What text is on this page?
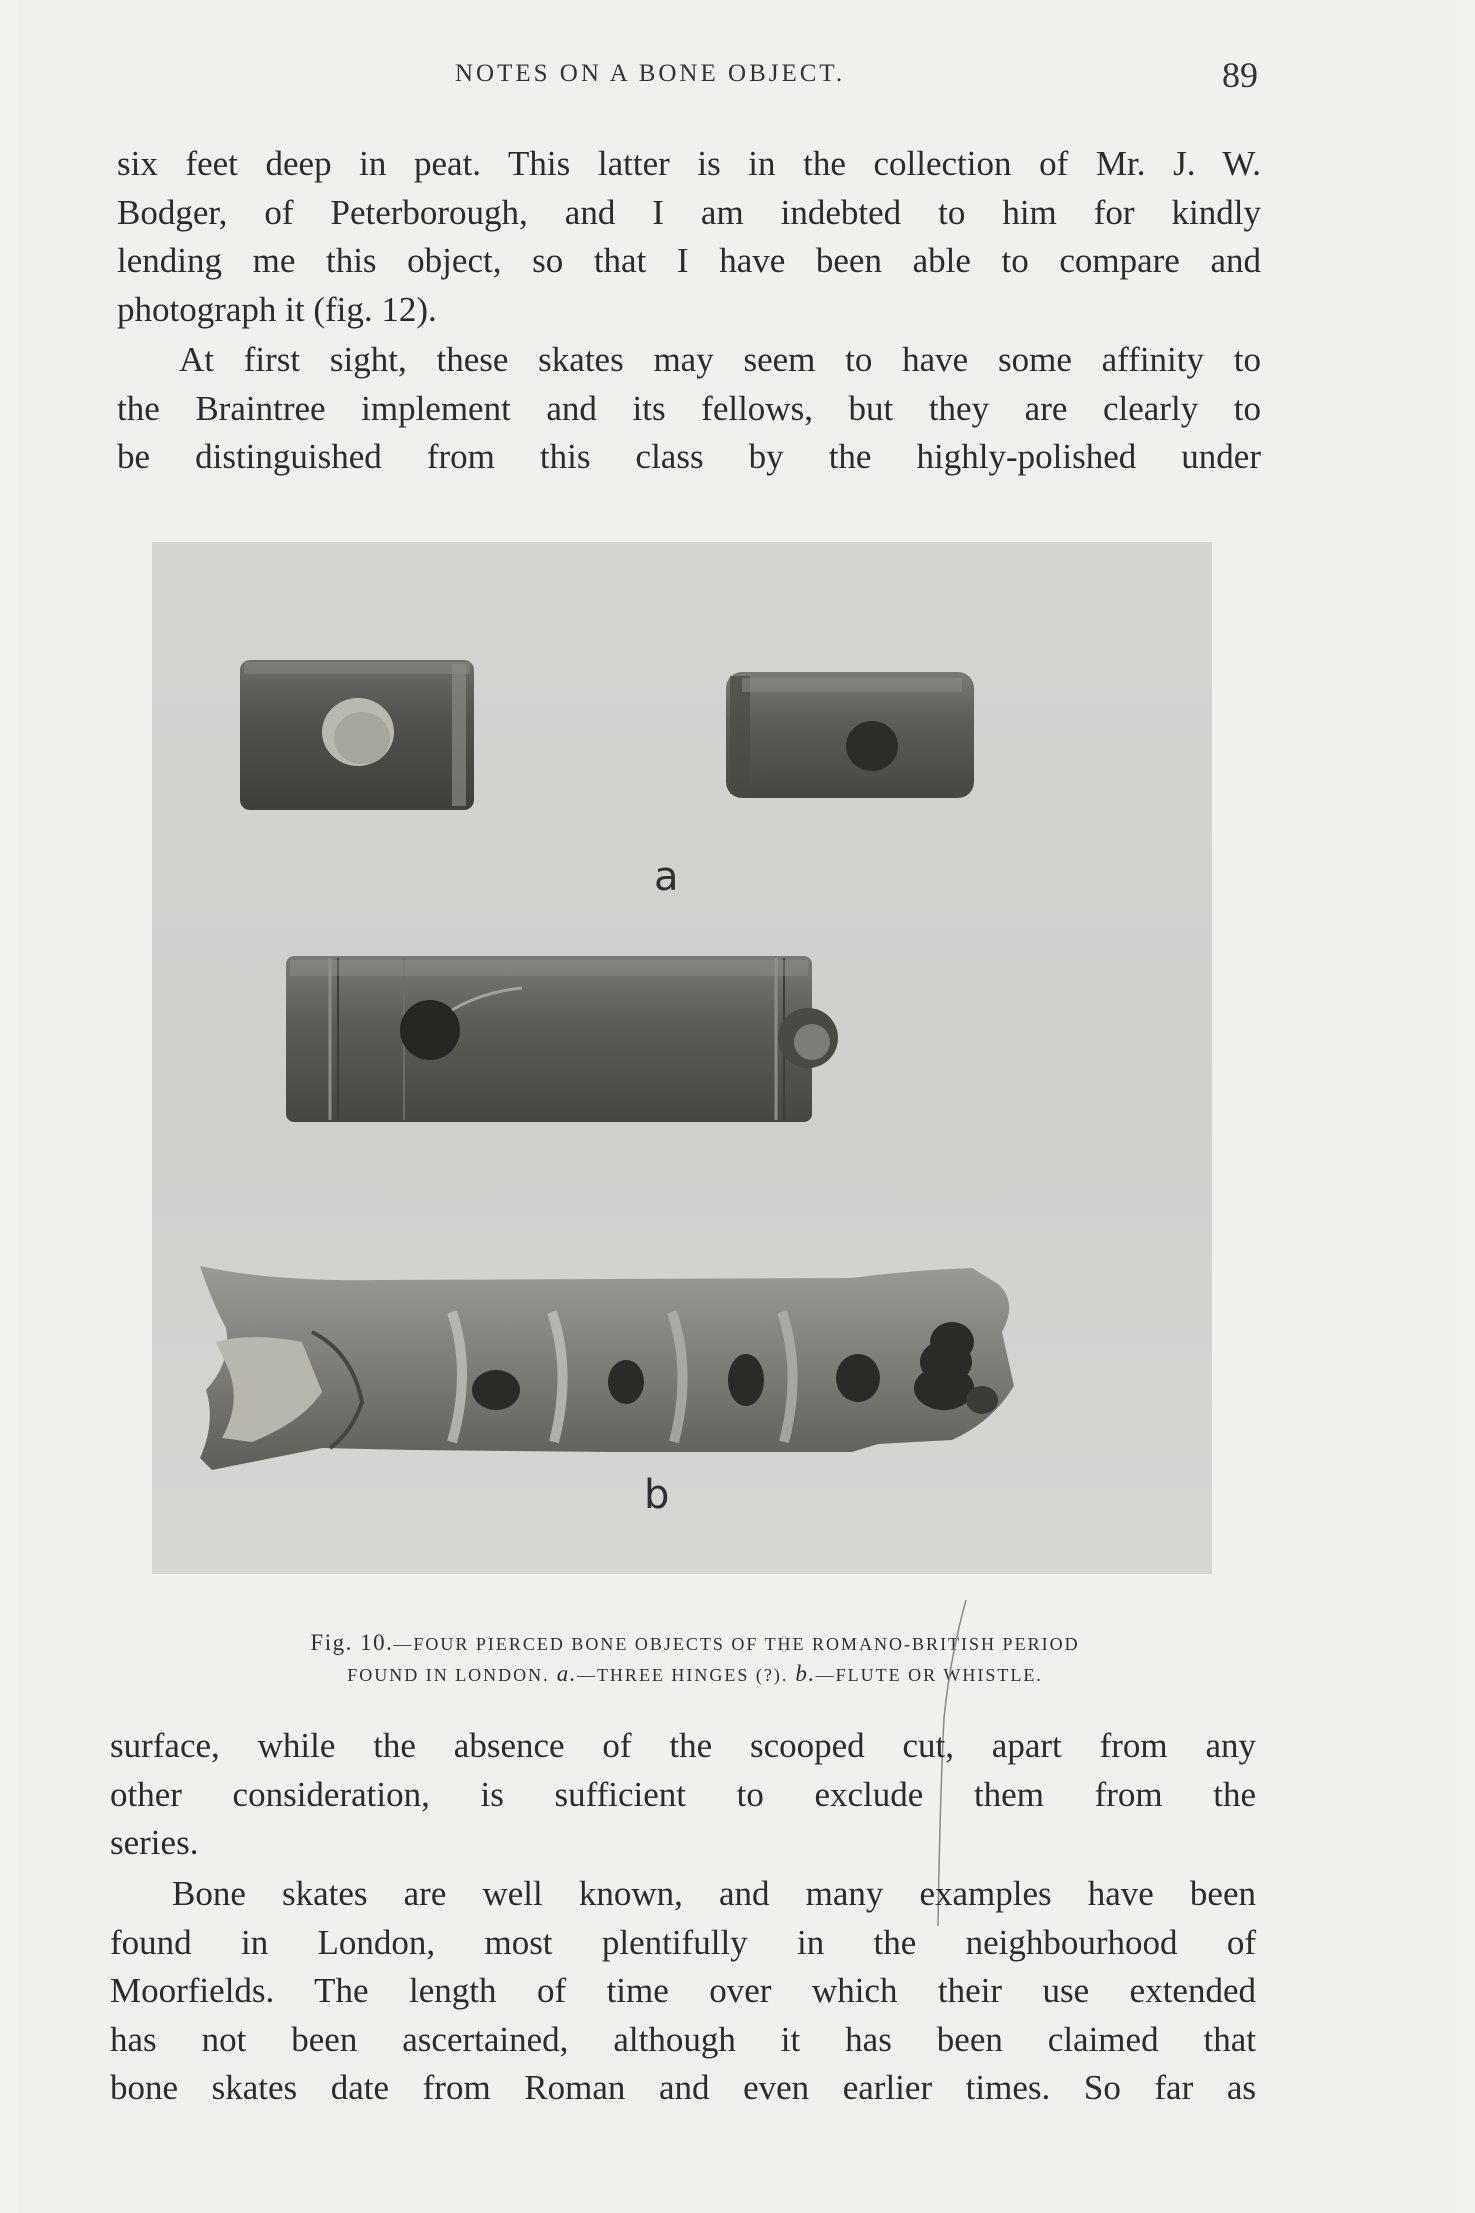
NOTES ON A BONE OBJECT.	89
six feet deep in peat. This latter is in the collection of Mr. J. W.
Bodger, of Peterborough, and I am indebted to him for kindly
lending me this object, so that I have been able to compare and
photograph it (fig. 12).
At first sight, these skates may seem to have some affinity to
the Braintree implement and its fellows, but they are clearly to
be distinguished from this class by the highly-polished under
a
b
Fig. 10.—FOUR PIERCED BONE OBJECTS OF THE ROMANO-BRITISH PERIOD
FOUND IN LONDON. a.—THREE HINGES (?). b.—FLUTE OR WHISTLE.
surface, while the absence of the scooped cut, apart from any
other consideration, is sufficient to exclude them from the
series.
Bone skates are well known, and many examples have been
found in London, most plentifully in the neighbourhood of
Moorfields. The length of time over which their use extended
has not been ascertained, although it has been claimed that
bone skates date from Roman and even earlier times. So far as
